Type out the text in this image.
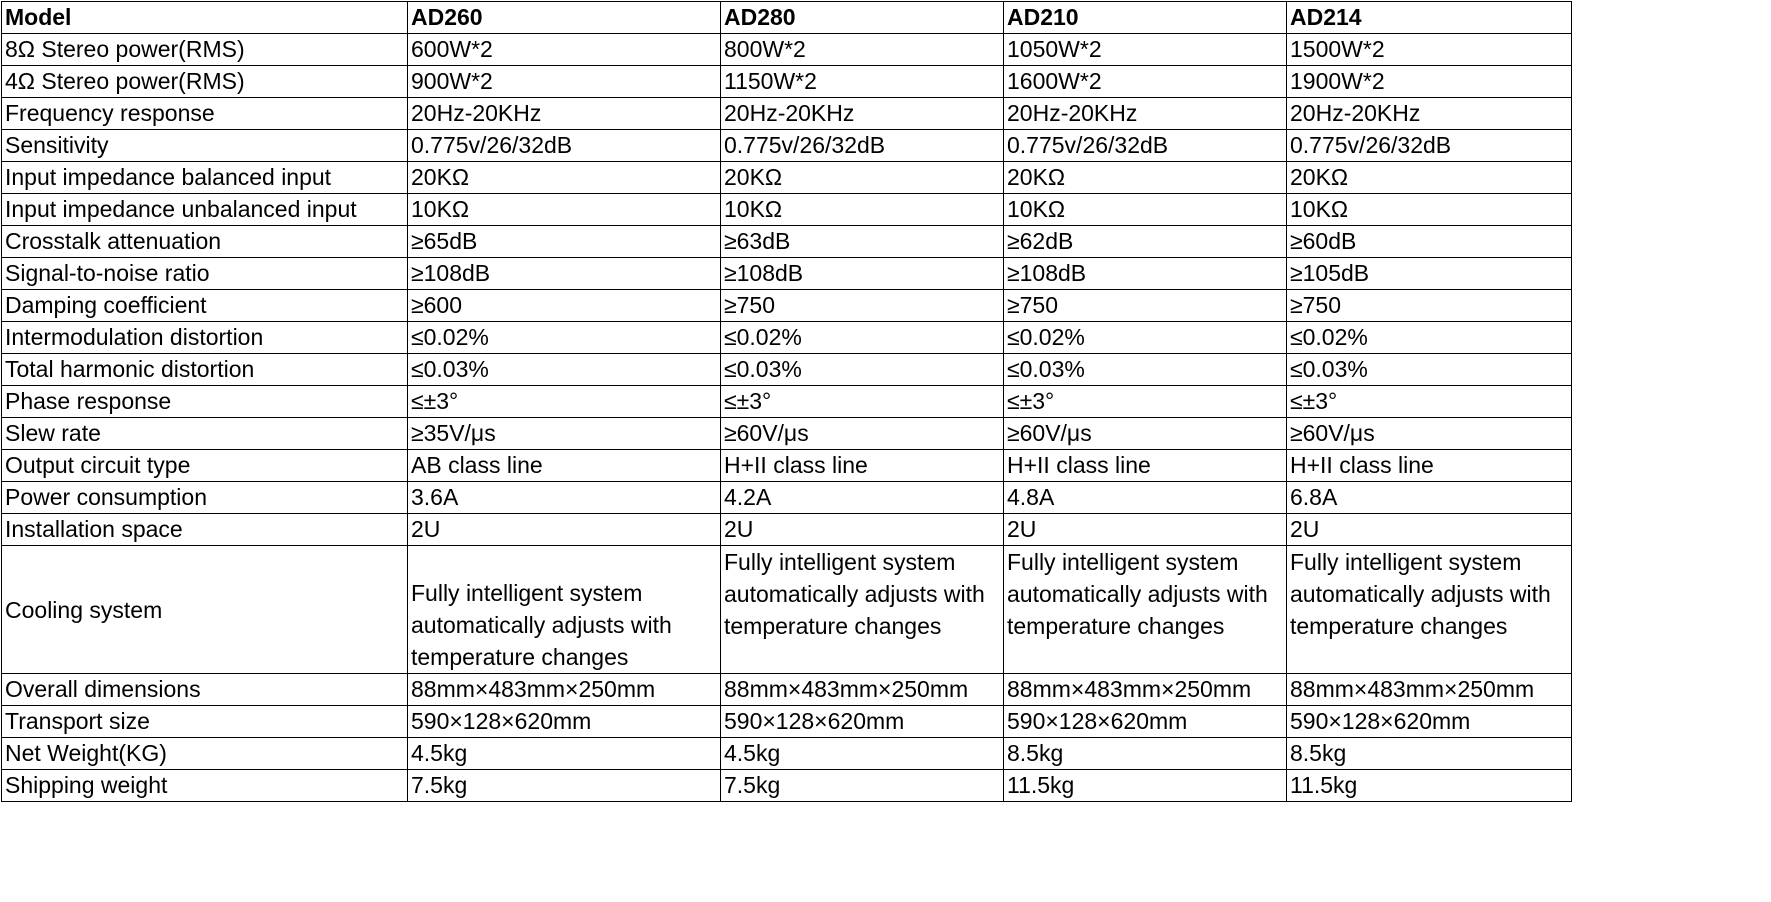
Model	AD260	AD280	AD210	AD214
8Ω Stereo power(RMS)	600W*2	800W*2	1050W*2	1500W*2
4Ω Stereo power(RMS)	900W*2	1150W*2	1600W*2	1900W*2
Frequency response	20Hz-20KHz	20Hz-20KHz	20Hz-20KHz	20Hz-20KHz
Sensitivity	0.775v/26/32dB	0.775v/26/32dB	0.775v/26/32dB	0.775v/26/32dB
Input impedance balanced input	20KΩ	20KΩ	20KΩ	20KΩ
Input impedance unbalanced input	10KΩ	10KΩ	10KΩ	10KΩ
Crosstalk attenuation	≥65dB	≥63dB	≥62dB	≥60dB
Signal-to-noise ratio	≥108dB	≥108dB	≥108dB	≥105dB
Damping coefficient	≥600	≥750	≥750	≥750
Intermodulation distortion	≤0.02%	≤0.02%	≤0.02%	≤0.02%
Total harmonic distortion	≤0.03%	≤0.03%	≤0.03%	≤0.03%
Phase response	≤±3°	≤±3°	≤±3°	≤±3°
Slew rate	≥35V/μs	≥60V/μs	≥60V/μs	≥60V/μs
Output circuit type	AB class line	H+II class line	H+II class line	H+II class line
Power consumption	3.6A	4.2A	4.8A	6.8A
Installation space	2U	2U	2U	2U
Cooling system	Fully intelligent system automatically adjusts with temperature changes	Fully intelligent system automatically adjusts with temperature changes	Fully intelligent system automatically adjusts with temperature changes	Fully intelligent system automatically adjusts with temperature changes
Overall dimensions	88mm×483mm×250mm	88mm×483mm×250mm	88mm×483mm×250mm	88mm×483mm×250mm
Transport size	590×128×620mm	590×128×620mm	590×128×620mm	590×128×620mm
Net Weight(KG)	4.5kg	4.5kg	8.5kg	8.5kg
Shipping weight	7.5kg	7.5kg	11.5kg	11.5kg
